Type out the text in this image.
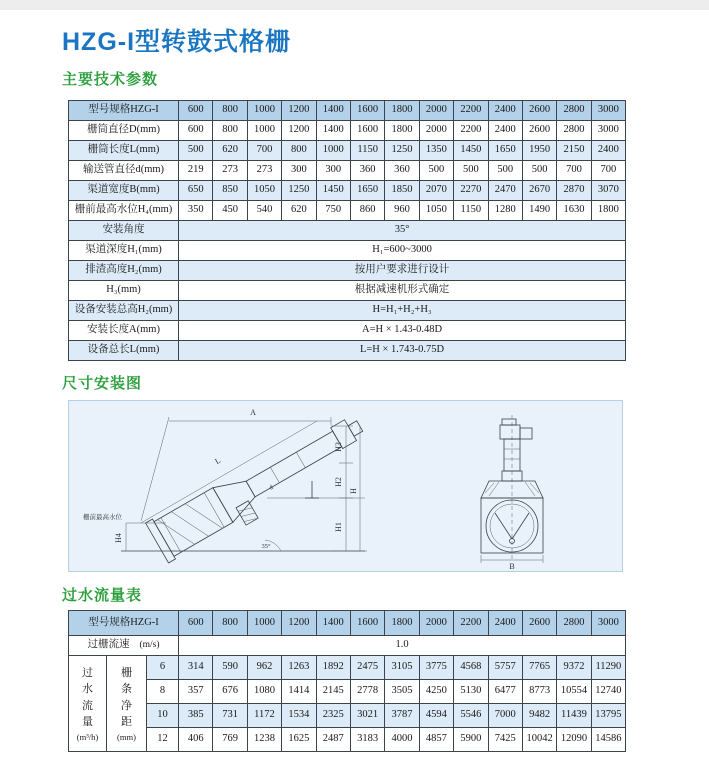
HZG-I型转鼓式格栅
主要技术参数
型号规格HZG-I	600	800	1000	1200	1400	1600	1800	2000	2200	2400	2600	2800	3000
栅筒直径D(mm)	600	800	1000	1200	1400	1600	1800	2000	2200	2400	2600	2800	3000
栅筒长度L(mm)	500	620	700	800	1000	1150	1250	1350	1450	1650	1950	2150	2400
输送管直径d(mm)	219	273	273	300	300	360	360	500	500	500	500	700	700
渠道宽度B(mm)	650	850	1050	1250	1450	1650	1850	2070	2270	2470	2670	2870	3070
栅前最高水位H₄(mm)	350	450	540	620	750	860	960	1050	1150	1280	1490	1630	1800
安装角度	35°												
渠道深度H₁(mm)	H₁=600~3000												
排渣高度H₂(mm)	按用户要求进行设计												
H₃(mm)	根据减速机形式确定												
设备安装总高H₂(mm)	H=H₁+H₂+H₃												
安装长度A(mm)	A=H × 1.43-0.48D												
设备总长L(mm)	L=H × 1.743-0.75D												
尺寸安装图
A
L
d
H3
H2
H1
H
H4
栅前最高水位
35°
B
过水流量表
型号规格HZG-I			600	800	1000	1200	1400	1600	1800	2000	2200	2400	2600	2800	3000
过栅流速 (m/s)			1.0												

过水流量
(m³/h)

栅条净距
(mm)
	6	314	590	962	1263	1892	2475	3105	3775	4568	5757	7765	9372	11290
		8	357	676	1080	1414	2145	2778	3505	4250	5130	6477	8773	10554	12740
		10	385	731	1172	1534	2325	3021	3787	4594	5546	7000	9482	11439	13795
		12	406	769	1238	1625	2487	3183	4000	4857	5900	7425	10042	12090	14586
